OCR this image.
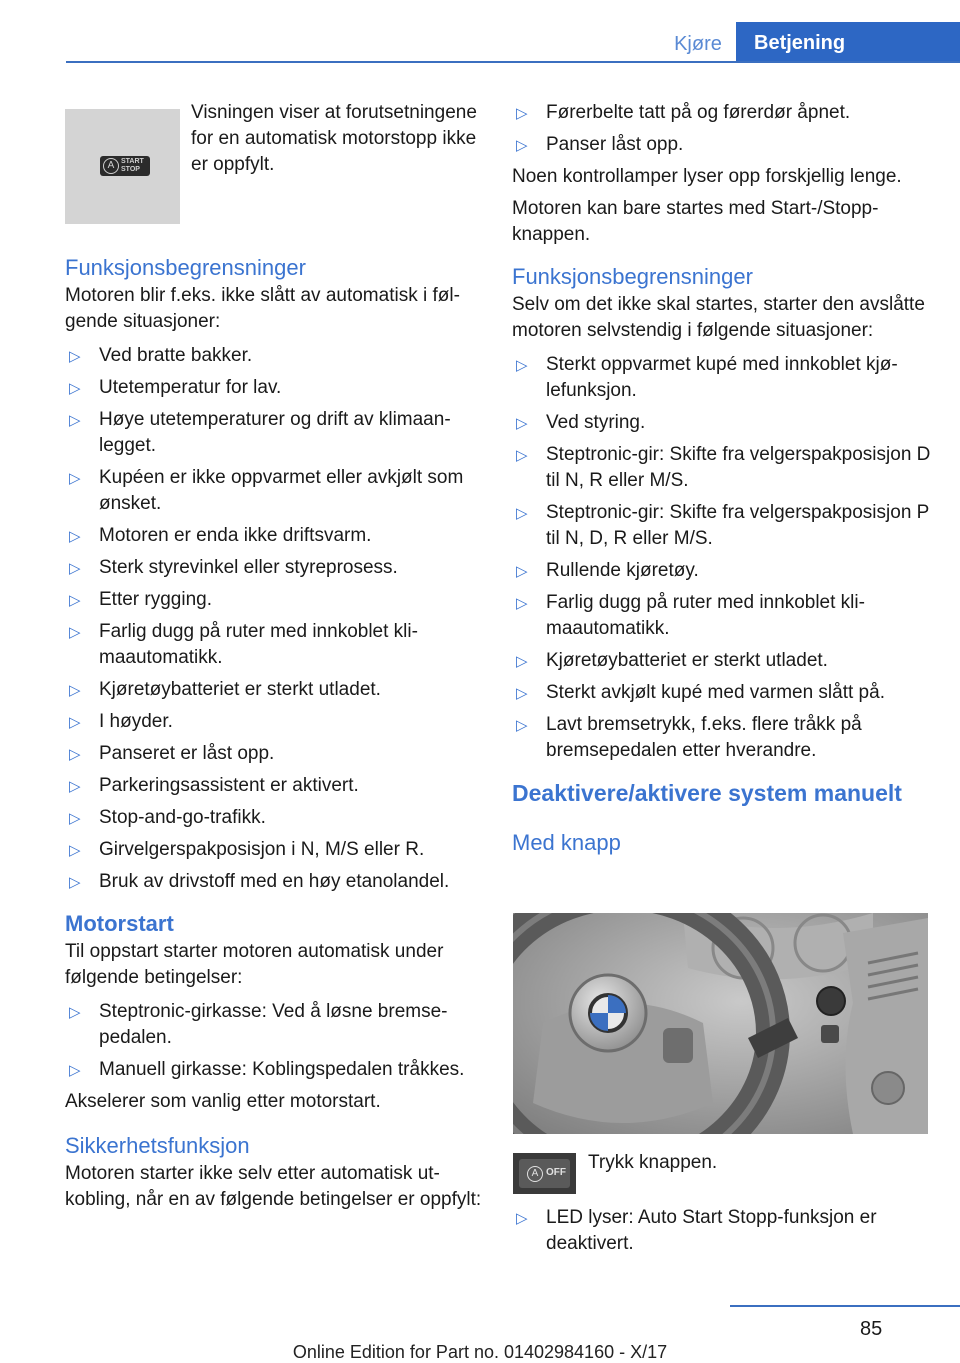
Kjøre	Betjening
A START
STOP
Visningen viser at forutsetningene for en automatisk motorstopp ikke er oppfylt.
Funksjonsbegrensninger

Motoren blir f.eks. ikke slått av automatisk i følgende situasjoner:

▷ Ved bratte bakker.
▷ Utetemperatur for lav.
▷ Høye utetemperaturer og drift av klimaanlegget.
▷ Kupéen er ikke oppvarmet eller avkjølt som ønsket.
▷ Motoren er enda ikke driftsvarm.
▷ Sterk styrevinkel eller styreprosess.
▷ Etter rygging.
▷ Farlig dugg på ruter med innkoblet klimaautomatikk.
▷ Kjøretøybatteriet er sterkt utladet.
▷ I høyder.
▷ Panseret er låst opp.
▷ Parkeringsassistent er aktivert.
▷ Stop-and-go-trafikk.
▷ Girvelgerspakposisjon i N, M/S eller R.
▷ Bruk av drivstoff med en høy etanolandel.
Motorstart

Til oppstart starter motoren automatisk under følgende betingelser:

▷ Steptronic-girkasse: Ved å løsne bremsepedalen.
▷ Manuell girkasse: Koblingspedalen tråkkes.

Akselerer som vanlig etter motorstart.

Sikkerhetsfunksjon

Motoren starter ikke selv etter automatisk utkobling, når en av følgende betingelser er oppfylt:

▷ Førerbelte tatt på og førerdør åpnet.
▷ Panser låst opp.

Noen kontrollamper lyser opp forskjellig lenge.

Motoren kan bare startes med Start-/Stopp-knappen.

Funksjonsbegrensninger

Selv om det ikke skal startes, starter den avslåtte motoren selvstendig i følgende situasjoner:

▷ Sterkt oppvarmet kupé med innkoblet kjølefunksjon.
▷ Ved styring.
▷ Steptronic-gir: Skifte fra velgerspakposisjon D til N, R eller M/S.
▷ Steptronic-gir: Skifte fra velgerspakposisjon P til N, D, R eller M/S.
▷ Rullende kjøretøy.
▷ Farlig dugg på ruter med innkoblet klimaautomatikk.
▷ Kjøretøybatteriet er sterkt utladet.
▷ Sterkt avkjølt kupé med varmen slått på.
▷ Lavt bremsetrykk, f.eks. flere tråkk på bremsepedalen etter hverandre.
Deaktivere/aktivere system manuelt
Med knapp
A OFF Trykk knappen.
▷ LED lyser: Auto Start Stopp-funksjon er deaktivert.
85
Online Edition for Part no. 01402984160 - X/17
